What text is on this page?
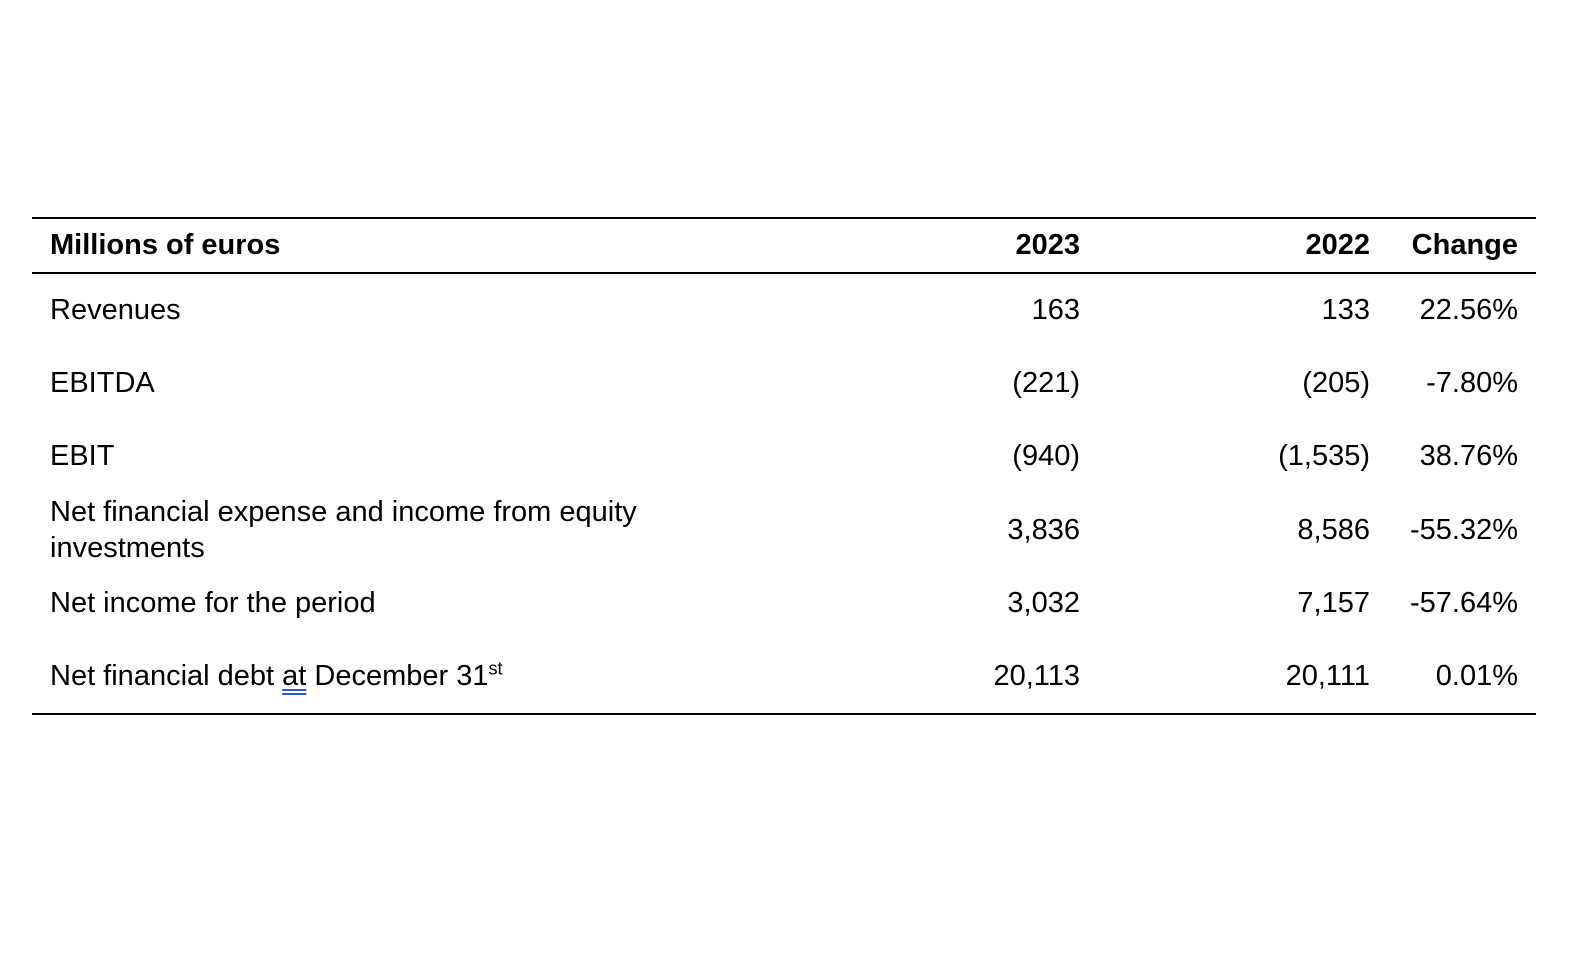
Millions of euros	2023	2022	Change
Revenues	163	133	22.56%
EBITDA	(221)	(205)	-7.80%
EBIT	(940)	(1,535)	38.76%
Net financial expense and income from equity
investments	3,836	8,586	-55.32%
Net income for the period	3,032	7,157	-57.64%
Net financial debt at December 31st	20,113	20,111	0.01%
